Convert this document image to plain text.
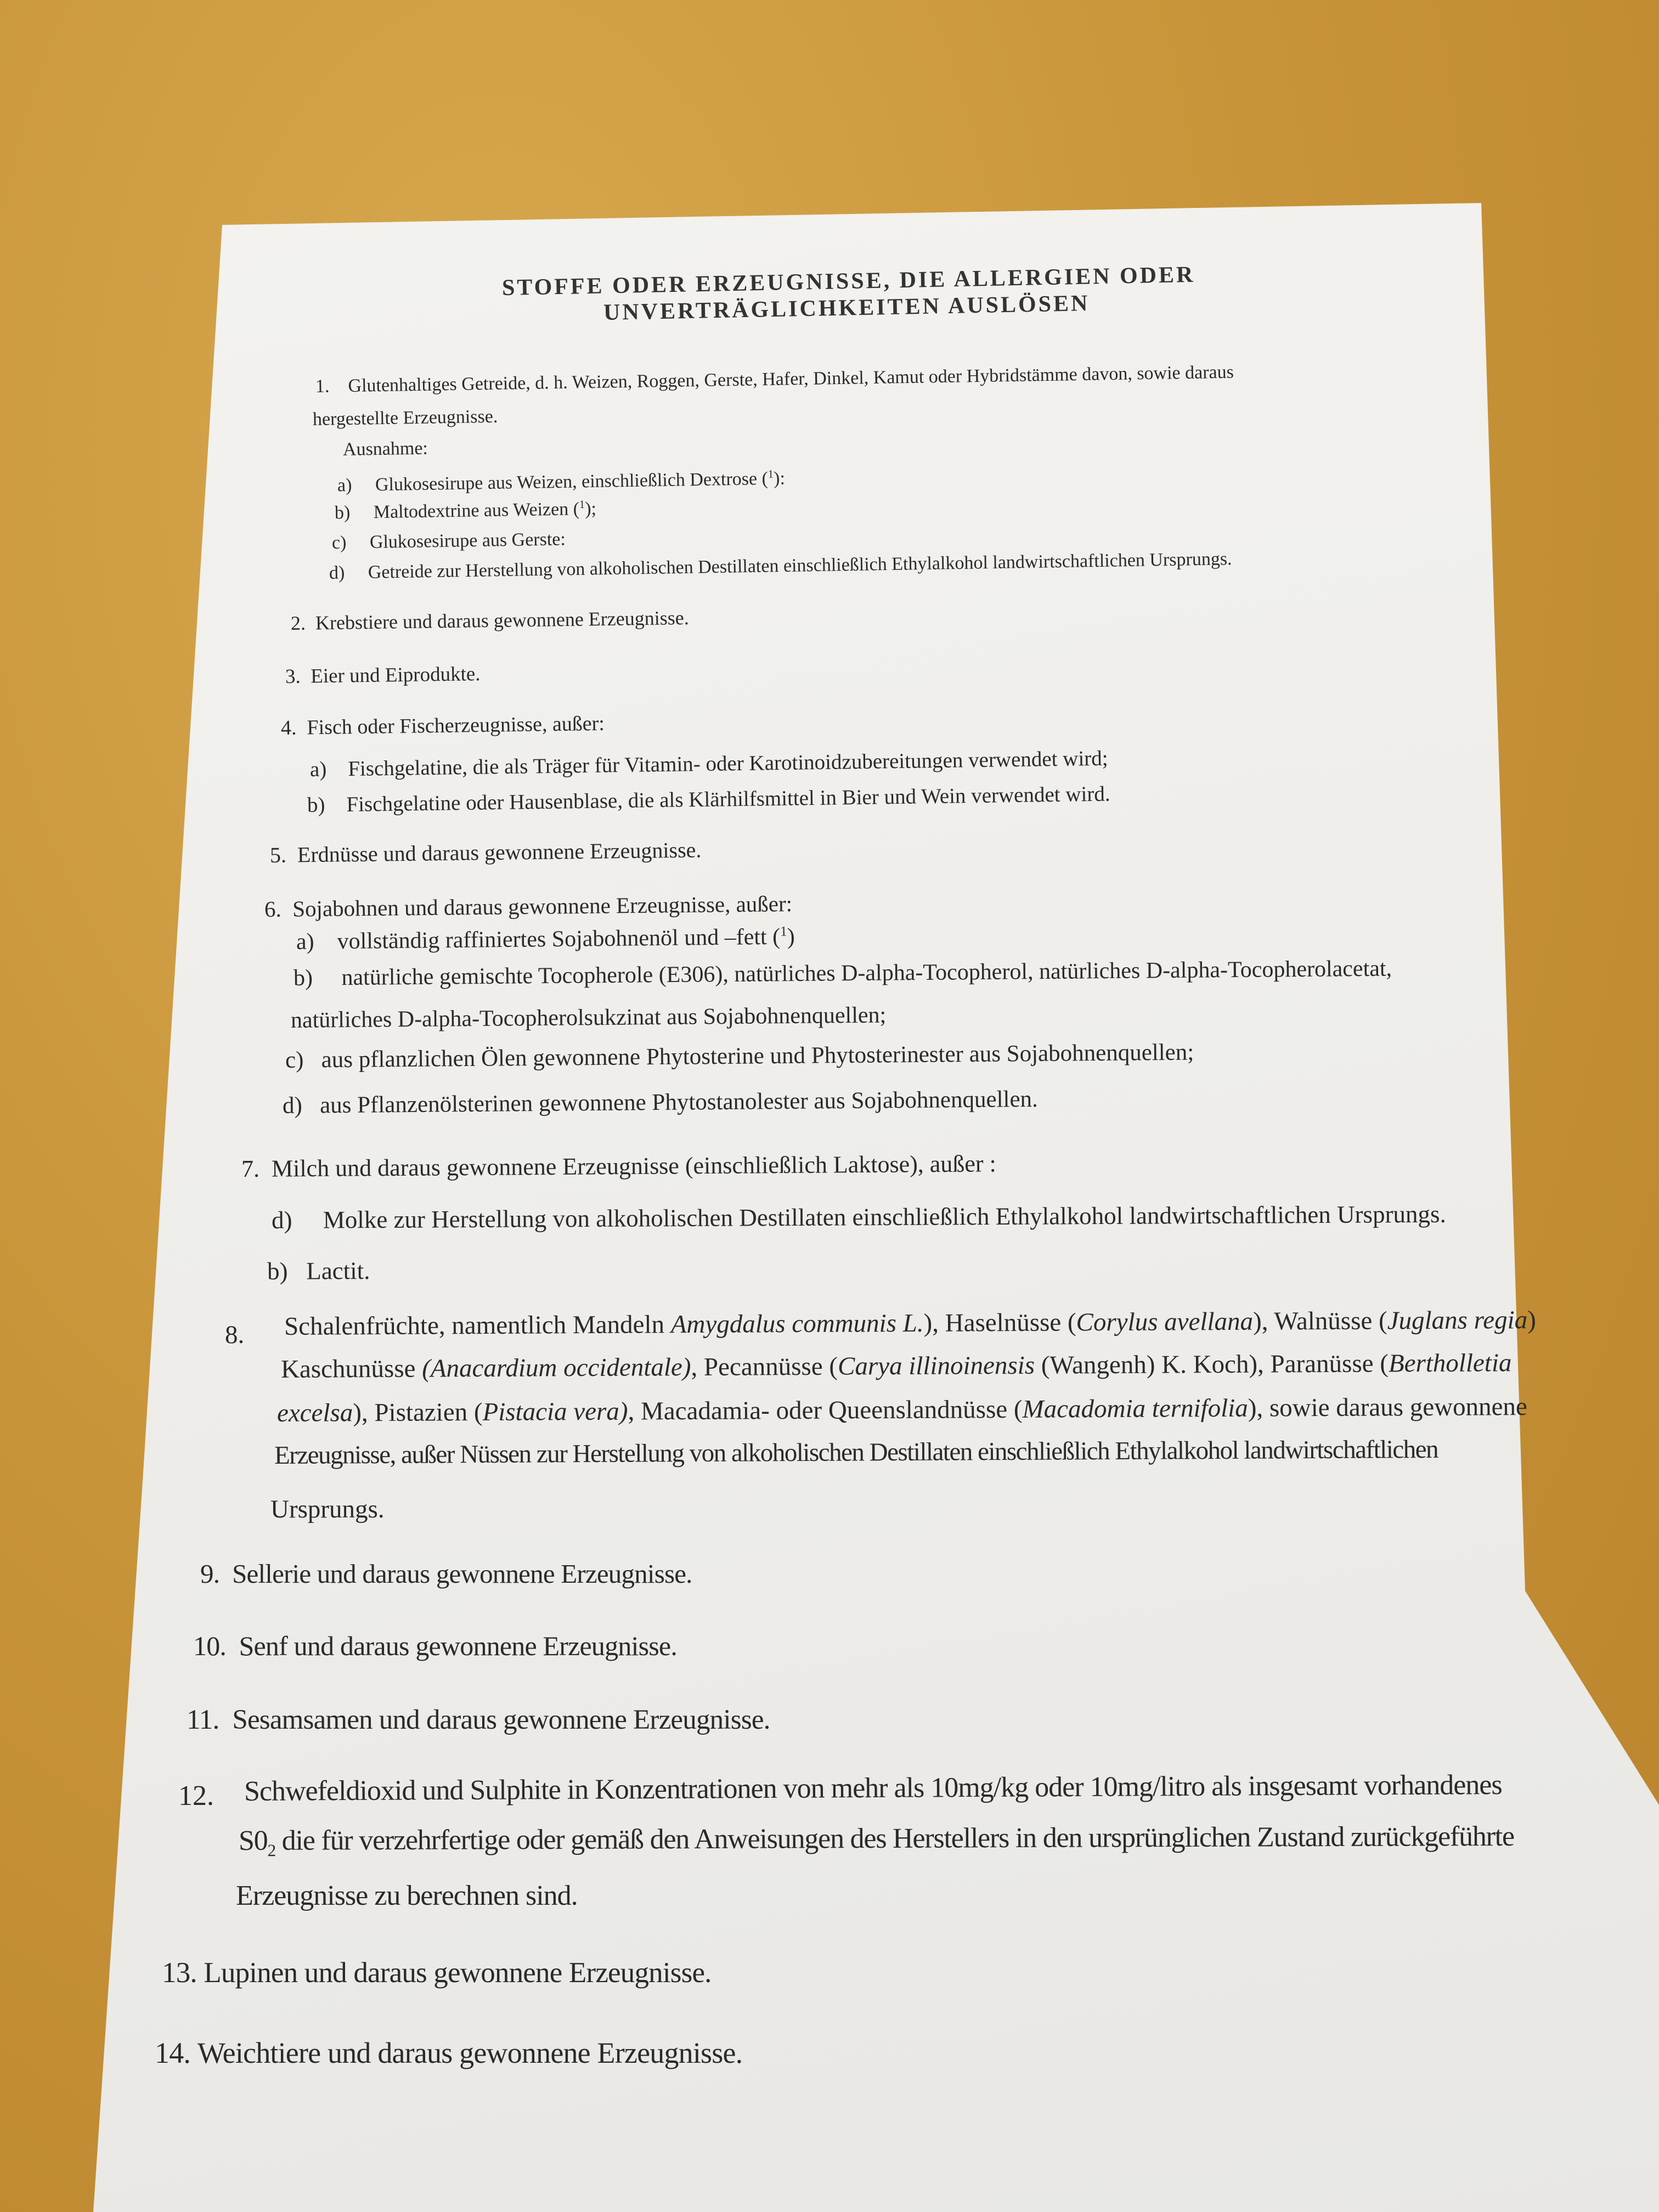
STOFFE ODER ERZEUGNISSE, DIE ALLERGIEN ODER
UNVERTRÄGLICHKEITEN AUSLÖSEN
1. Glutenhaltiges Getreide, d. h. Weizen, Roggen, Gerste, Hafer, Dinkel, Kamut oder Hybridstämme davon, sowie daraus
hergestellte Erzeugnisse.
Ausnahme:
a) Glukosesirupe aus Weizen, einschließlich Dextrose ($^1$):
b) Maltodextrine aus Weizen ($^1$);
c) Glukosesirupe aus Gerste:
d) Getreide zur Herstellung von alkoholischen Destillaten einschließlich Ethylalkohol landwirtschaftlichen Ursprungs.
2. Krebstiere und daraus gewonnene Erzeugnisse.
3. Eier und Eiprodukte.
4. Fisch oder Fischerzeugnisse, außer:
a) Fischgelatine, die als Träger für Vitamin- oder Karotinoidzubereitungen verwendet wird;
b) Fischgelatine oder Hausenblase, die als Klärhilfsmittel in Bier und Wein verwendet wird.
5. Erdnüsse und daraus gewonnene Erzeugnisse.
6. Sojabohnen und daraus gewonnene Erzeugnisse, außer:
a) vollständig raffiniertes Sojabohnenöl und –fett ($^1$)
b) natürliche gemischte Tocopherole (E306), natürliches D-alpha-Tocopherol, natürliches D-alpha-Tocopherolacetat,
natürliches D-alpha-Tocopherolsukzinat aus Sojabohnenquellen;
c) aus pflanzlichen Ölen gewonnene Phytosterine und Phytosterinester aus Sojabohnenquellen;
d) aus Pflanzenölsterinen gewonnene Phytostanolester aus Sojabohnenquellen.
7. Milch und daraus gewonnene Erzeugnisse (einschließlich Laktose), außer :
d) Molke zur Herstellung von alkoholischen Destillaten einschließlich Ethylalkohol landwirtschaftlichen Ursprungs.
b) Lactit.
8. Schalenfrüchte, namentlich Mandeln Amygdalus communis L.), Haselnüsse (Corylus avellana), Walnüsse (Juglans regia)
Kaschunüsse (Anacardium occidentale), Pecannüsse (Carya illinoinensis (Wangenh) K. Koch), Paranüsse (Bertholletia
excelsa), Pistazien (Pistacia vera), Macadamia- oder Queenslandnüsse (Macadomia ternifolia), sowie daraus gewonnene
Erzeugnisse, außer Nüssen zur Herstellung von alkoholischen Destillaten einschließlich Ethylalkohol landwirtschaftlichen
Ursprungs.
9. Sellerie und daraus gewonnene Erzeugnisse.
10. Senf und daraus gewonnene Erzeugnisse.
11. Sesamsamen und daraus gewonnene Erzeugnisse.
12. Schwefeldioxid und Sulphite in Konzentrationen von mehr als 10mg/kg oder 10mg/litro als insgesamt vorhandenes
$S0_2$ die für verzehrfertige oder gemäß den Anweisungen des Herstellers in den ursprünglichen Zustand zurückgeführte
Erzeugnisse zu berechnen sind.
13. Lupinen und daraus gewonnene Erzeugnisse.
14. Weichtiere und daraus gewonnene Erzeugnisse.
